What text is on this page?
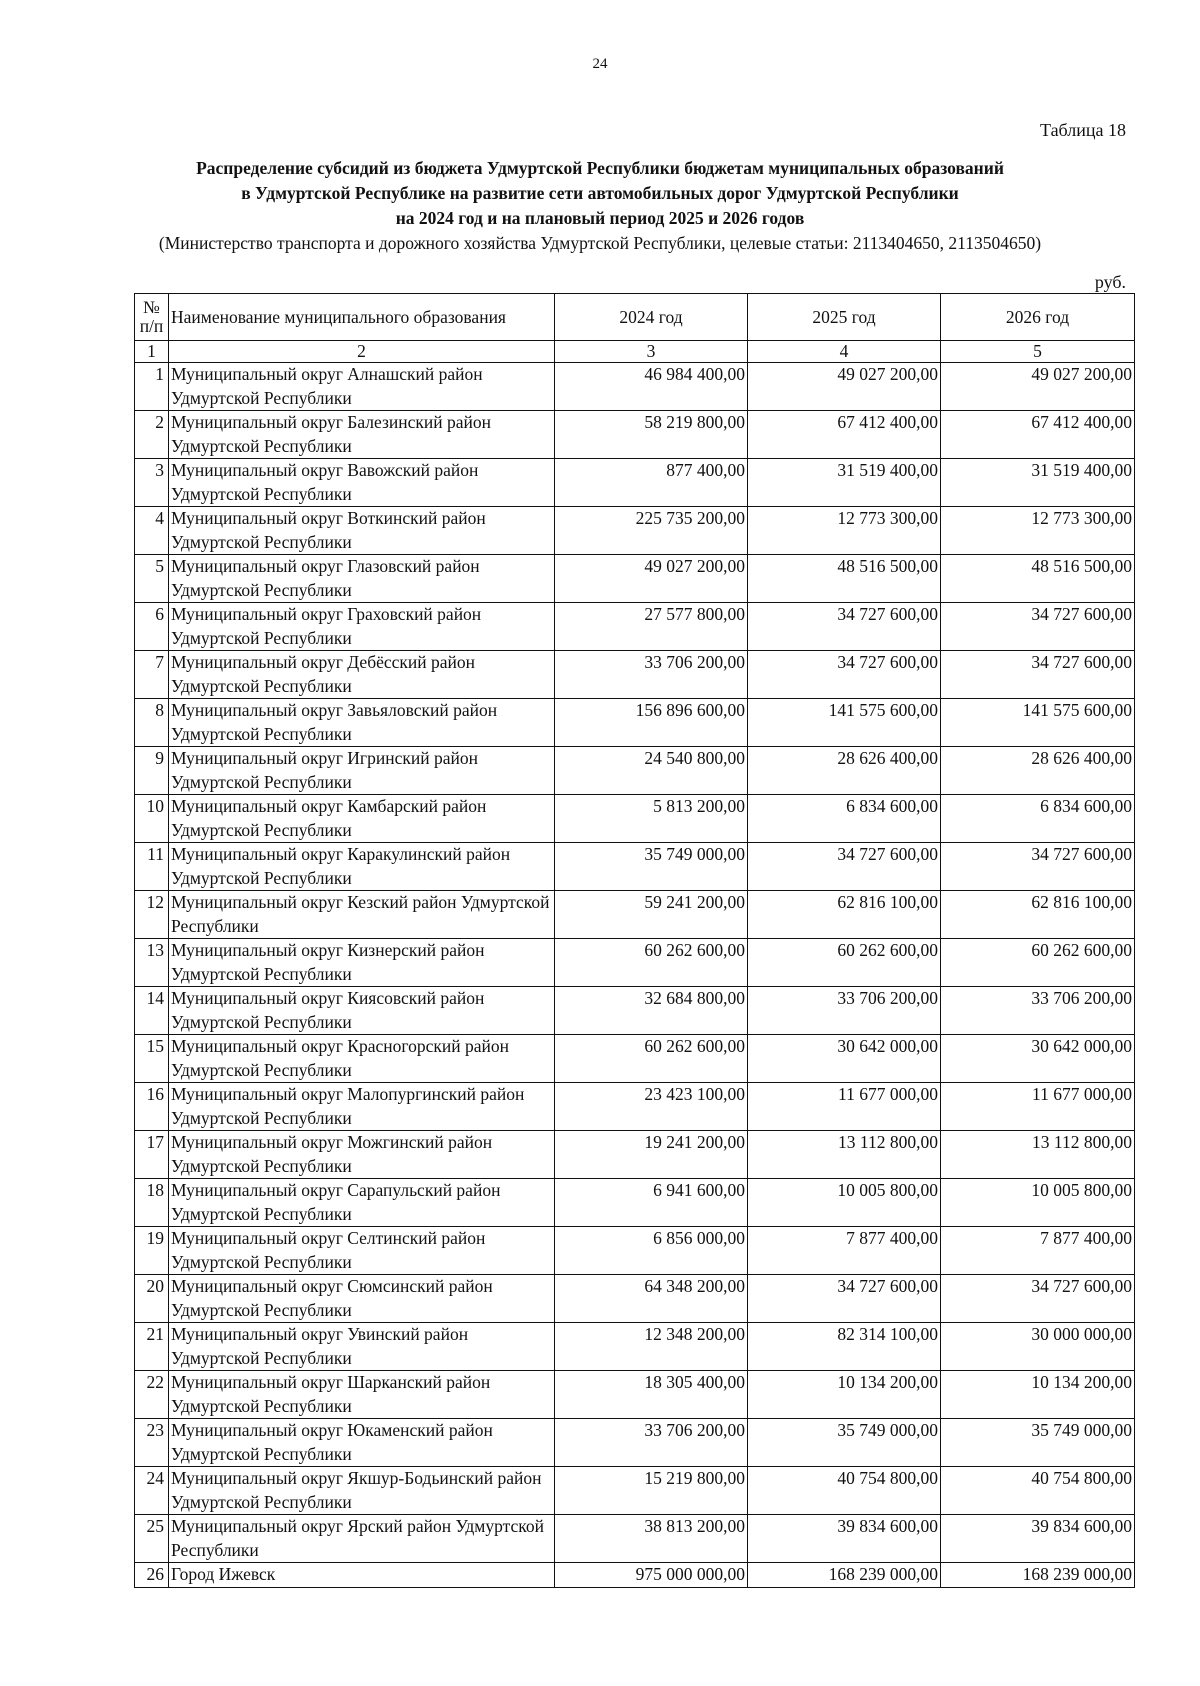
24
Таблица 18
Распределение субсидий из бюджета Удмуртской Республики бюджетам муниципальных образований
в Удмуртской Республике на развитие сети автомобильных дорог Удмуртской Республики
на 2024 год и на плановый период 2025 и 2026 годов
(Министерство транспорта и дорожного хозяйства Удмуртской Республики, целевые статьи: 2113404650, 2113504650)
руб.
№ п/п	Наименование муниципального образования	2024 год	2025 год	2026 год
1	2	3	4	5
1	Муниципальный округ Алнашский район Удмуртской Республики	46 984 400,00	49 027 200,00	49 027 200,00
2	Муниципальный округ Балезинский район Удмуртской Республики	58 219 800,00	67 412 400,00	67 412 400,00
3	Муниципальный округ Вавожский район Удмуртской Республики	877 400,00	31 519 400,00	31 519 400,00
4	Муниципальный округ Воткинский район Удмуртской Республики	225 735 200,00	12 773 300,00	12 773 300,00
5	Муниципальный округ Глазовский район Удмуртской Республики	49 027 200,00	48 516 500,00	48 516 500,00
6	Муниципальный округ Граховский район Удмуртской Республики	27 577 800,00	34 727 600,00	34 727 600,00
7	Муниципальный округ Дебёсский район Удмуртской Республики	33 706 200,00	34 727 600,00	34 727 600,00
8	Муниципальный округ Завьяловский район Удмуртской Республики	156 896 600,00	141 575 600,00	141 575 600,00
9	Муниципальный округ Игринский район Удмуртской Республики	24 540 800,00	28 626 400,00	28 626 400,00
10	Муниципальный округ Камбарский район Удмуртской Республики	5 813 200,00	6 834 600,00	6 834 600,00
11	Муниципальный округ Каракулинский район Удмуртской Республики	35 749 000,00	34 727 600,00	34 727 600,00
12	Муниципальный округ Кезский район Удмуртской Республики	59 241 200,00	62 816 100,00	62 816 100,00
13	Муниципальный округ Кизнерский район Удмуртской Республики	60 262 600,00	60 262 600,00	60 262 600,00
14	Муниципальный округ Киясовский район Удмуртской Республики	32 684 800,00	33 706 200,00	33 706 200,00
15	Муниципальный округ Красногорский район Удмуртской Республики	60 262 600,00	30 642 000,00	30 642 000,00
16	Муниципальный округ Малопургинский район Удмуртской Республики	23 423 100,00	11 677 000,00	11 677 000,00
17	Муниципальный округ Можгинский район Удмуртской Республики	19 241 200,00	13 112 800,00	13 112 800,00
18	Муниципальный округ Сарапульский район Удмуртской Республики	6 941 600,00	10 005 800,00	10 005 800,00
19	Муниципальный округ Селтинский район Удмуртской Республики	6 856 000,00	7 877 400,00	7 877 400,00
20	Муниципальный округ Сюмсинский район Удмуртской Республики	64 348 200,00	34 727 600,00	34 727 600,00
21	Муниципальный округ Увинский район Удмуртской Республики	12 348 200,00	82 314 100,00	30 000 000,00
22	Муниципальный округ Шарканский район Удмуртской Республики	18 305 400,00	10 134 200,00	10 134 200,00
23	Муниципальный округ Юкаменский район Удмуртской Республики	33 706 200,00	35 749 000,00	35 749 000,00
24	Муниципальный округ Якшур-Бодьинский район Удмуртской Республики	15 219 800,00	40 754 800,00	40 754 800,00
25	Муниципальный округ Ярский район Удмуртской Республики	38 813 200,00	39 834 600,00	39 834 600,00
26	Город Ижевск	975 000 000,00	168 239 000,00	168 239 000,00
